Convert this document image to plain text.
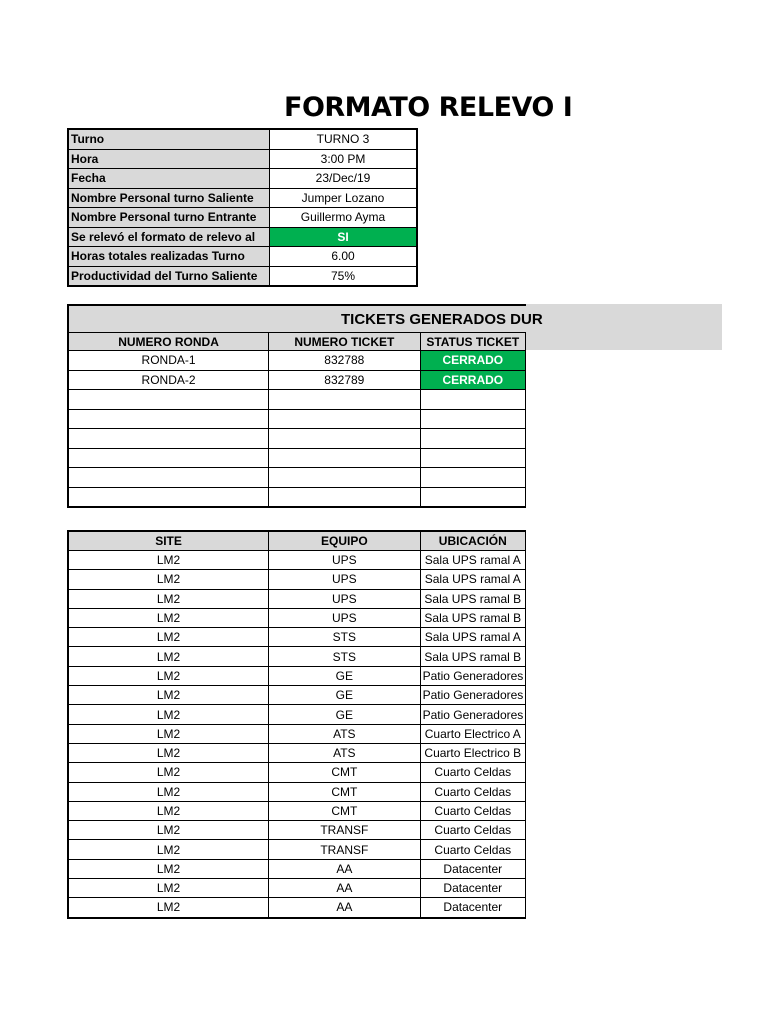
FORMATO RELEVO I
Turno	TURNO 3
Hora	3:00 PM
Fecha	23/Dec/19
Nombre Personal turno Saliente	Jumper Lozano
Nombre Personal turno Entrante	Guillermo Ayma
Se relevó el formato de relevo al	SI
Horas totales realizadas Turno	6.00
Productividad del Turno Saliente	75%
TICKETS GENERADOS DUR		
NUMERO RONDA	NUMERO TICKET	STATUS TICKET
RONDA-1	832788	CERRADO
RONDA-2	832789	CERRADO

SITE	EQUIPO	UBICACIÓN
LM2	UPS	Sala UPS ramal A
LM2	UPS	Sala UPS ramal A
LM2	UPS	Sala UPS ramal B
LM2	UPS	Sala UPS ramal B
LM2	STS	Sala UPS ramal A
LM2	STS	Sala UPS ramal B
LM2	GE	Patio Generadores
LM2	GE	Patio Generadores
LM2	GE	Patio Generadores
LM2	ATS	Cuarto Electrico A
LM2	ATS	Cuarto Electrico B
LM2	CMT	Cuarto Celdas
LM2	CMT	Cuarto Celdas
LM2	CMT	Cuarto Celdas
LM2	TRANSF	Cuarto Celdas
LM2	TRANSF	Cuarto Celdas
LM2	AA	Datacenter
LM2	AA	Datacenter
LM2	AA	Datacenter
